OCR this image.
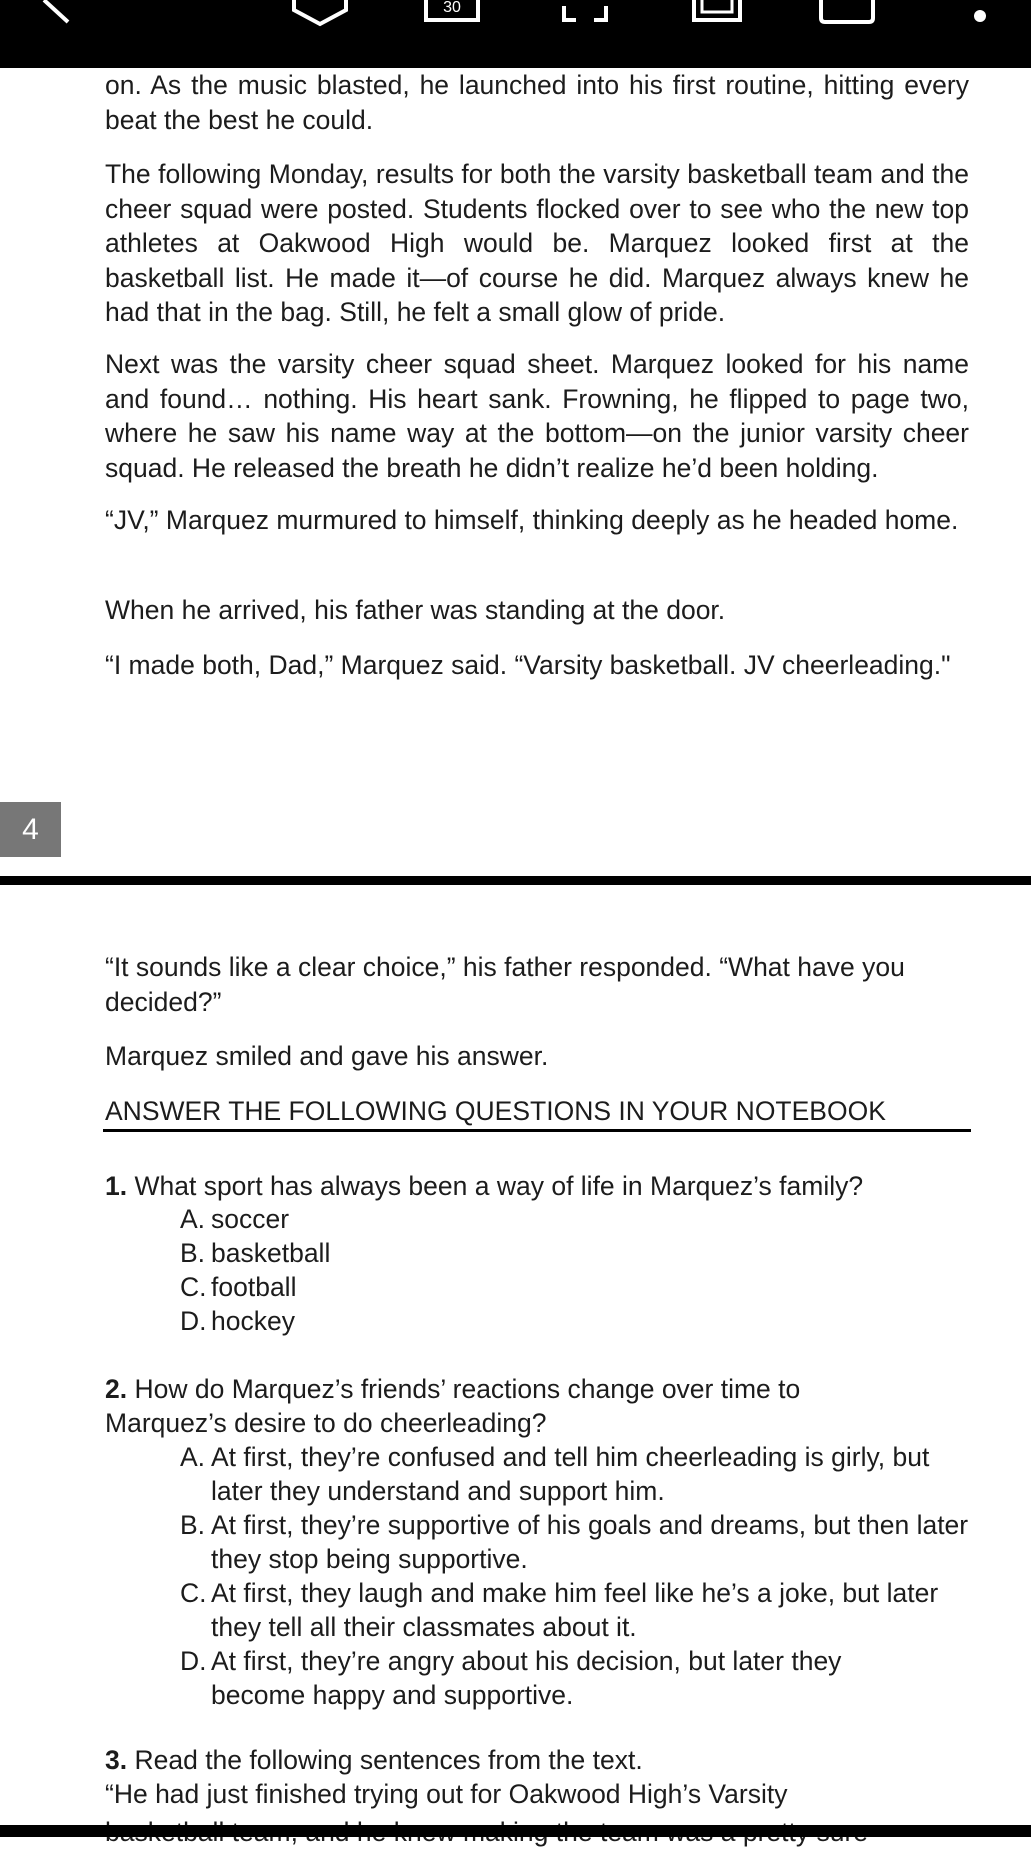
30

on. As the music blasted, he launched into his first routine, hitting every beat the best he could.

The following Monday, results for both the varsity basketball team and the cheer squad were posted. Students flocked over to see who the new top athletes at Oakwood High would be. Marquez looked first at the basketball list. He made it—of course he did. Marquez always knew he had that in the bag. Still, he felt a small glow of pride.

Next was the varsity cheer squad sheet. Marquez looked for his name and found… nothing. His heart sank. Frowning, he flipped to page two, where he saw his name way at the bottom—on the junior varsity cheer squad. He released the breath he didn’t realize he’d been holding.

“JV,” Marquez murmured to himself, thinking deeply as he headed home.

When he arrived, his father was standing at the door.

“I made both, Dad,” Marquez said. “Varsity basketball. JV cheerleading."

4

“It sounds like a clear choice,” his father responded. “What have you decided?”

Marquez smiled and gave his answer.

ANSWER THE FOLLOWING QUESTIONS IN YOUR NOTEBOOK
1. What sport has always been a way of life in Marquez’s family?
A. soccer
B. basketball
C. football
D. hockey
2. How do Marquez’s friends’ reactions change over time to
Marquez’s desire to do cheerleading?
A. At first, they’re confused and tell him cheerleading is girly, but later they understand and support him.
B. At first, they’re supportive of his goals and dreams, but then later they stop being supportive.
C. At first, they laugh and make him feel like he’s a joke, but later they tell all their classmates about it.
D. At first, they’re angry about his decision, but later they become happy and supportive.
3. Read the following sentences from the text.
“He had just finished trying out for Oakwood High’s Varsity
